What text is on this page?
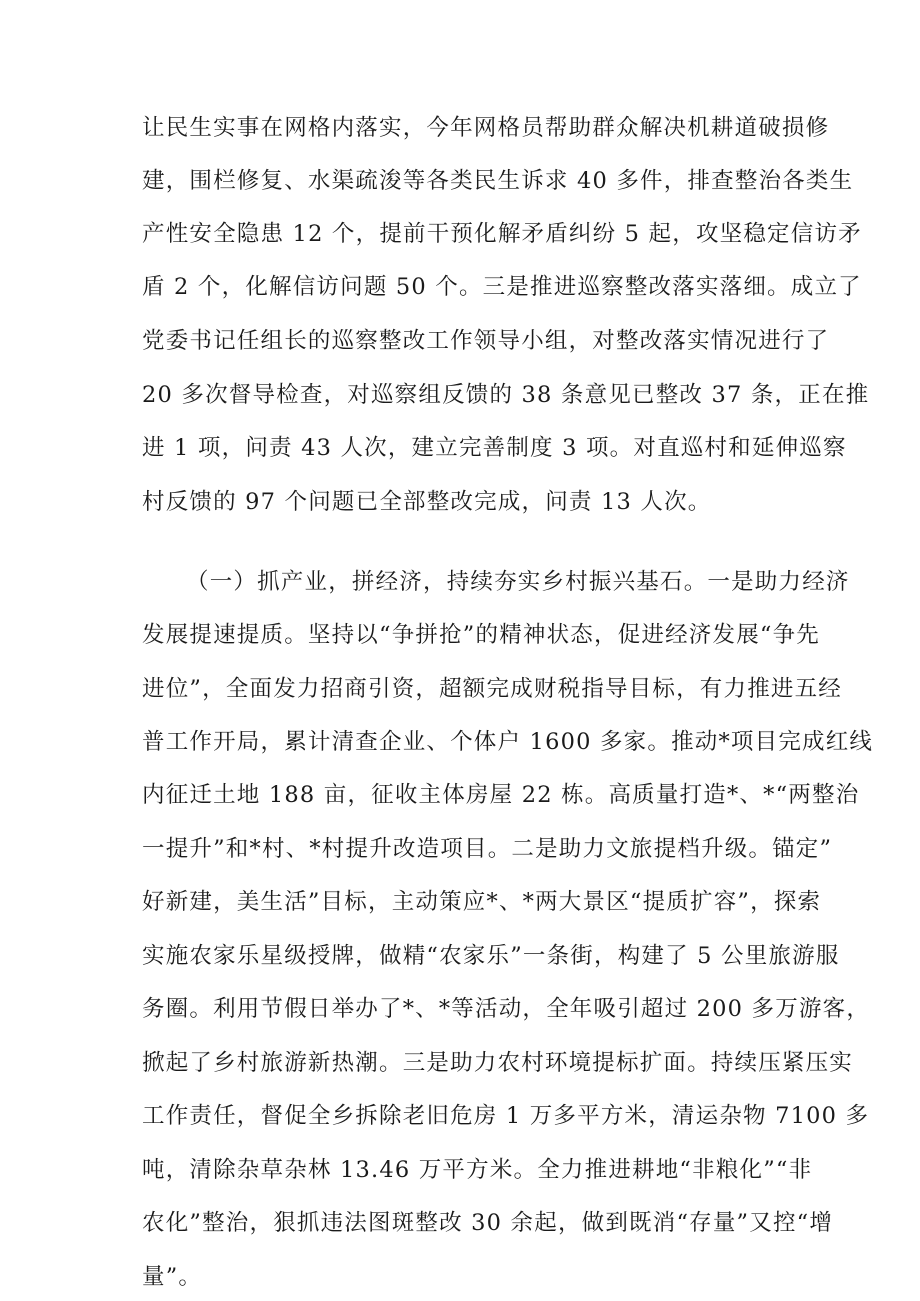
让民生实事在网格内落实，今年网格员帮助群众解决机耕道破损修
建，围栏修复、水渠疏浚等各类民生诉求 40 多件，排查整治各类生
产性安全隐患 12 个，提前干预化解矛盾纠纷 5 起，攻坚稳定信访矛
盾 2 个，化解信访问题 50 个。三是推进巡察整改落实落细。成立了
党委书记任组长的巡察整改工作领导小组，对整改落实情况进行了
20 多次督导检查，对巡察组反馈的 38 条意见已整改 37 条，正在推
进 1 项，问责 43 人次，建立完善制度 3 项。对直巡村和延伸巡察
村反馈的 97 个问题已全部整改完成，问责 13 人次。
（一）抓产业，拼经济，持续夯实乡村振兴基石。一是助力经济
发展提速提质。坚持以“争拼抢”的精神状态，促进经济发展“争先
进位”，全面发力招商引资，超额完成财税指导目标，有力推进五经
普工作开局，累计清查企业、个体户 1600 多家。推动*项目完成红线
内征迁土地 188 亩，征收主体房屋 22 栋。高质量打造*、*“两整治
一提升”和*村、*村提升改造项目。二是助力文旅提档升级。锚定”
好新建，美生活”目标，主动策应*、*两大景区“提质扩容”，探索
实施农家乐星级授牌，做精“农家乐”一条街，构建了 5 公里旅游服
务圈。利用节假日举办了*、*等活动，全年吸引超过 200 多万游客，
掀起了乡村旅游新热潮。三是助力农村环境提标扩面。持续压紧压实
工作责任，督促全乡拆除老旧危房 1 万多平方米，清运杂物 7100 多
吨，清除杂草杂林 13.46 万平方米。全力推进耕地“非粮化”“非
农化”整治，狠抓违法图斑整改 30 余起，做到既消“存量”又控“增
量”。
